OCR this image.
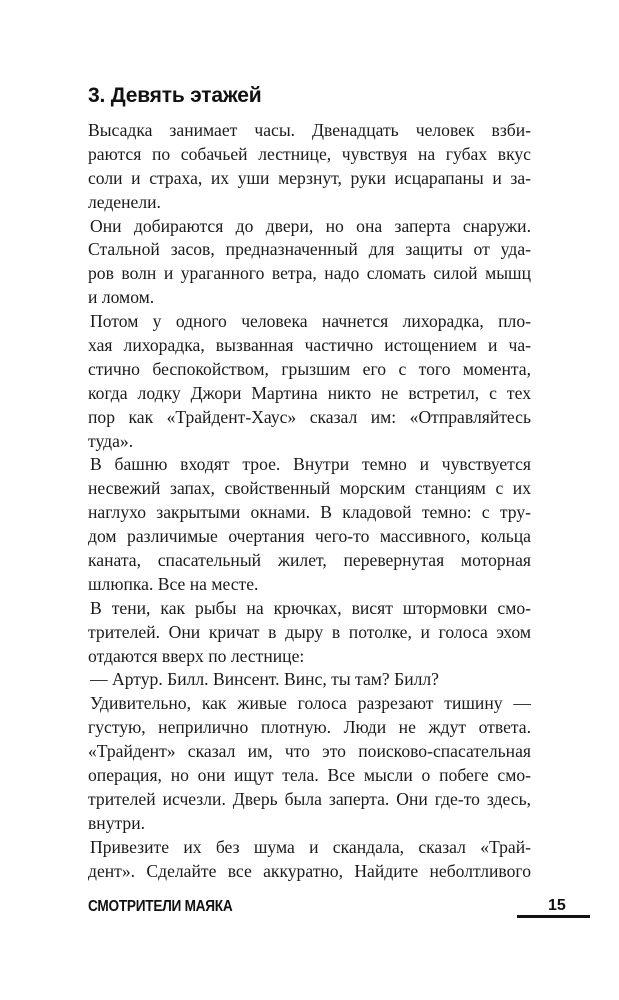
3. Девять этажей
Высадка занимает часы. Двенадцать человек взби-
раются по собачьей лестнице, чувствуя на губах вкус
соли и страха, их уши мерзнут, руки исцарапаны и за-
леденели.
Они добираются до двери, но она заперта снаружи.
Стальной засов, предназначенный для защиты от уда-
ров волн и ураганного ветра, надо сломать силой мышц
и ломом.
Потом у одного человека начнется лихорадка, пло-
хая лихорадка, вызванная частично истощением и ча-
стично беспокойством, грызшим его с того момента,
когда лодку Джори Мартина никто не встретил, с тех
пор как «Трайдент-Хаус» сказал им: «Отправляйтесь
туда».
В башню входят трое. Внутри темно и чувствуется
несвежий запах, свойственный морским станциям с их
наглухо закрытыми окнами. В кладовой темно: с тру-
дом различимые очертания чего-то массивного, кольца
каната, спасательный жилет, перевернутая моторная
шлюпка. Все на месте.
В тени, как рыбы на крючках, висят штормовки смо-
трителей. Они кричат в дыру в потолке, и голоса эхом
отдаются вверх по лестнице:
— Артур. Билл. Винсент. Винс, ты там? Билл?
Удивительно, как живые голоса разрезают тишину —
густую, неприлично плотную. Люди не ждут ответа.
«Трайдент» сказал им, что это поисково-спасательная
операция, но они ищут тела. Все мысли о побеге смо-
трителей исчезли. Дверь была заперта. Они где-то здесь,
внутри.
Привезите их без шума и скандала, сказал «Трай-
дент». Сделайте все аккуратно, Найдите неболтливого
СМОТРИТЕЛИ МАЯКА	15
